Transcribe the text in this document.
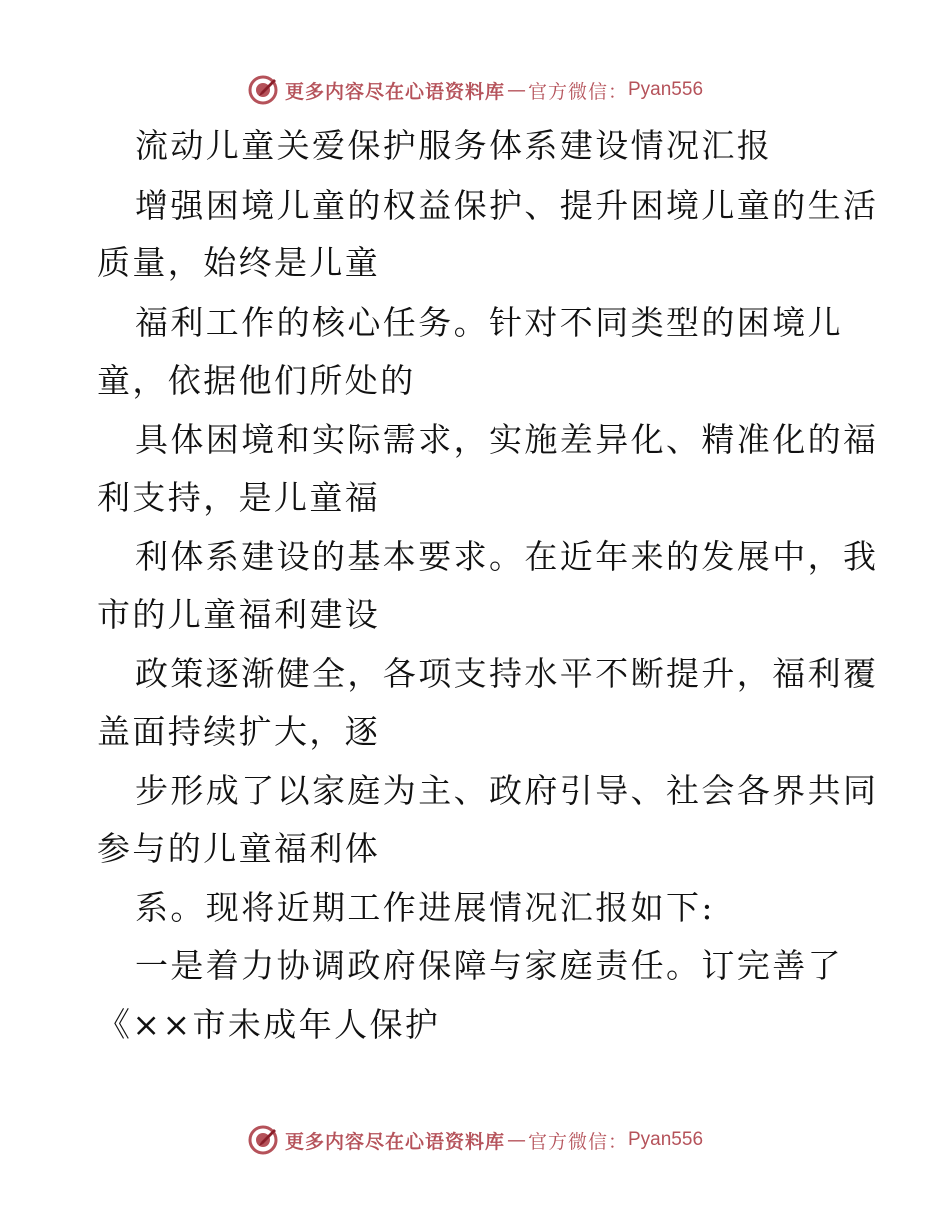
更多内容尽在心语资料库 — 官方微信： Pyan556
流动儿童关爱保护服务体系建设情况汇报
增强困境儿童的权益保护、提升困境儿童的生活
质量，始终是儿童
福利工作的核心任务。针对不同类型的困境儿
童，依据他们所处的
具体困境和实际需求，实施差异化、精准化的福
利支持，是儿童福
利体系建设的基本要求。在近年来的发展中，我
市的儿童福利建设
政策逐渐健全，各项支持水平不断提升，福利覆
盖面持续扩大，逐
步形成了以家庭为主、政府引导、社会各界共同
参与的儿童福利体
系。现将近期工作进展情况汇报如下:
一是着力协调政府保障与家庭责任。订完善了
《××市未成年人保护
更多内容尽在心语资料库 — 官方微信： Pyan556
